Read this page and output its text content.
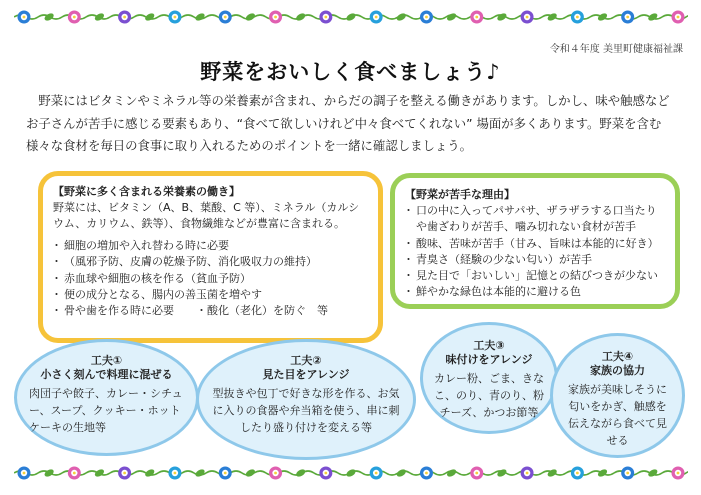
令和４年度 美里町健康福祉課
野菜をおいしく食べましょう♪
 野菜にはビタミンやミネラル等の栄養素が含まれ、からだの調子を整える働きがあります。しかし、味や触感などお子さんが苦手に感じる要素もあり、“食べて欲しいけれど中々食べてくれない” 場面が多くあります。野菜を含む様々な食材を毎日の食事に取り入れるためのポイントを一緒に確認しましょう。
【野菜に多く含まれる栄養素の働き】
野菜には、ビタミン（A、B、葉酸、C 等）、ミネラル（カルシウム、カリウム、鉄等）、食物繊維などが豊富に含まれる。
・ 細胞の増加や入れ替わる時に必要
・ （風邪予防、皮膚の乾燥予防、消化吸収力の維持）
・ 赤血球や細胞の核を作る（貧血予防）
・ 便の成分となる、腸内の善玉菌を増やす
・ 骨や歯を作る時に必要　　・酸化（老化）を防ぐ　等
【野菜が苦手な理由】
・ 口の中に入ってパサパサ、ザラザラする口当たりや歯ざわりが苦手、噛み切れない食材が苦手
・ 酸味、苦味が苦手（甘み、旨味は本能的に好き）
・ 青臭さ（経験の少ない匂い）が苦手
・ 見た目で「おいしい」記憶との結びつきが少ない
・ 鮮やかな緑色は本能的に避ける色
工夫①
小さく刻んで料理に混ぜる
肉団子や餃子、カレー・シチュー、スープ、クッキー・ホットケーキの生地等
工夫②
見た目をアレンジ
型抜きや包丁で好きな形を作る、お気に入りの食器や弁当箱を使う、串に刺したり盛り付けを変える等
工夫③
味付けをアレンジ
カレー粉、ごま、きなこ、のり、青のり、粉チーズ、かつお節等
工夫④
家族の協力
家族が美味しそうに匂いをかぎ、触感を伝えながら食べて見せる
